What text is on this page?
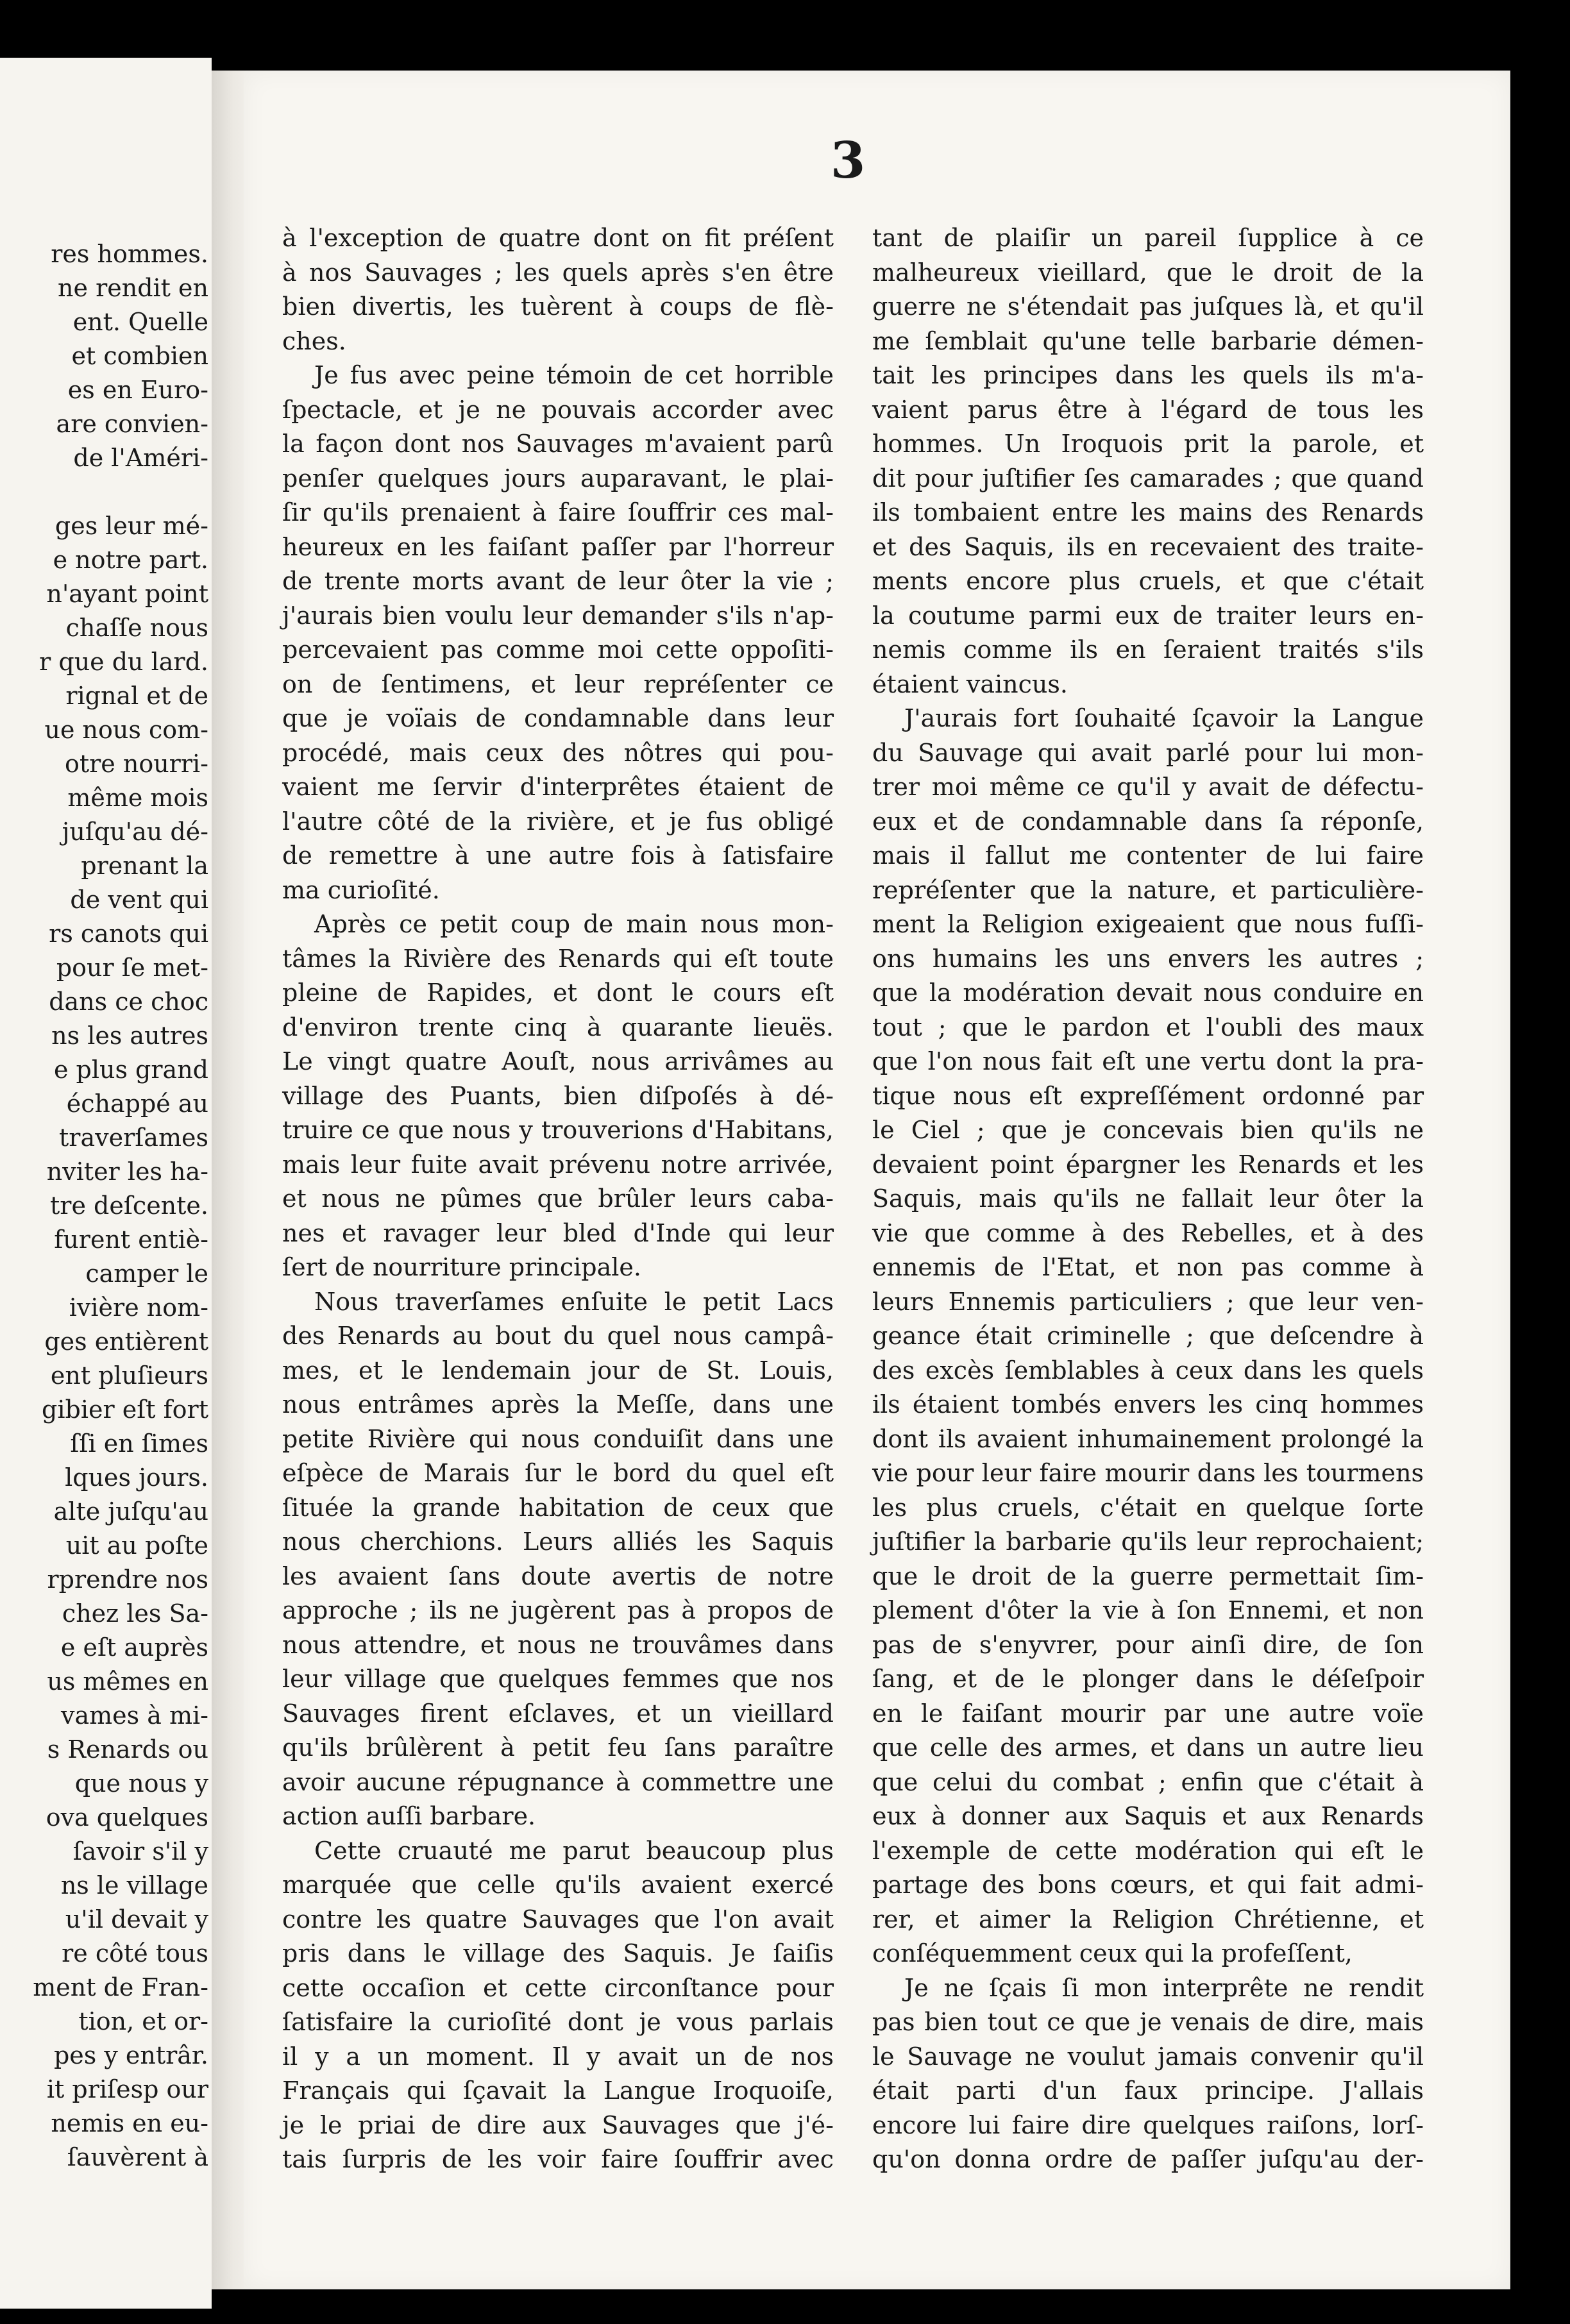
res hommes.
ne rendit en
ent. Quelle
et combien
es en Euro-
are convien-
de l'Améri-
ges leur mé-
e notre part.
n'ayant point
chaſſe nous
r que du lard.
rignal et de
ue nous com-
otre nourri-
même mois
juſqu'au dé-
prenant la
de vent qui
rs canots qui
pour ſe met-
dans ce choc
ns les autres
e plus grand
échappé au
traverſames
nviter les ha-
tre deſcente.
furent entiè-
camper le
ivière nom-
ges entièrent
ent pluſieurs
gibier eſt fort
ſſi en ſimes
lques jours.
alte juſqu'au
uit au poſte
rprendre nos
chez les Sa-
e eſt auprès
us mêmes en
vames à mi-
s Renards ou
que nous y
ova quelques
ſavoir s'il y
ns le village
u'il devait y
re côté tous
ment de Fran-
tion, et or-
pes y entrâr.
it priſesp our
nemis en eu-
ſauvèrent à
3
à l'exception de quatre dont on fit préſent
à nos Sauvages ; les quels après s'en être
bien divertis, les tuèrent à coups de flè-
ches.
Je fus avec peine témoin de cet horrible
ſpectacle, et je ne pouvais accorder avec
la façon dont nos Sauvages m'avaient parû
penſer quelques jours auparavant, le plai-
ſir qu'ils prenaient à faire ſouffrir ces mal-
heureux en les faiſant paſſer par l'horreur
de trente morts avant de leur ôter la vie ;
j'aurais bien voulu leur demander s'ils n'ap-
percevaient pas comme moi cette oppoſiti-
on de ſentimens, et leur repréſenter ce
que je voïais de condamnable dans leur
procédé, mais ceux des nôtres qui pou-
vaient me ſervir d'interprêtes étaient de
l'autre côté de la rivière, et je fus obligé
de remettre à une autre fois à ſatisfaire
ma curioſité.
Après ce petit coup de main nous mon-
tâmes la Rivière des Renards qui eſt toute
pleine de Rapides, et dont le cours eſt
d'environ trente cinq à quarante lieuës.
Le vingt quatre Aouſt, nous arrivâmes au
village des Puants, bien diſpoſés à dé-
truire ce que nous y trouverions d'Habitans,
mais leur fuite avait prévenu notre arrivée,
et nous ne pûmes que brûler leurs caba-
nes et ravager leur bled d'Inde qui leur
ſert de nourriture principale.
Nous traverſames enſuite le petit Lacs
des Renards au bout du quel nous campâ-
mes, et le lendemain jour de St. Louis,
nous entrâmes après la Meſſe, dans une
petite Rivière qui nous conduiſit dans une
eſpèce de Marais ſur le bord du quel eſt
ſituée la grande habitation de ceux que
nous cherchions. Leurs alliés les Saquis
les avaient ſans doute avertis de notre
approche ; ils ne jugèrent pas à propos de
nous attendre, et nous ne trouvâmes dans
leur village que quelques femmes que nos
Sauvages firent eſclaves, et un vieillard
qu'ils brûlèrent à petit feu ſans paraître
avoir aucune répugnance à commettre une
action auſſi barbare.
Cette cruauté me parut beaucoup plus
marquée que celle qu'ils avaient exercé
contre les quatre Sauvages que l'on avait
pris dans le village des Saquis. Je ſaiſis
cette occaſion et cette circonſtance pour
ſatisfaire la curioſité dont je vous parlais
il y a un moment. Il y avait un de nos
Français qui ſçavait la Langue Iroquoiſe,
je le priai de dire aux Sauvages que j'é-
tais ſurpris de les voir faire ſouffrir avec
tant de plaiſir un pareil ſupplice à ce
malheureux vieillard, que le droit de la
guerre ne s'étendait pas juſques là, et qu'il
me ſemblait qu'une telle barbarie démen-
tait les principes dans les quels ils m'a-
vaient parus être à l'égard de tous les
hommes. Un Iroquois prit la parole, et
dit pour juſtifier ſes camarades ; que quand
ils tombaient entre les mains des Renards
et des Saquis, ils en recevaient des traite-
ments encore plus cruels, et que c'était
la coutume parmi eux de traiter leurs en-
nemis comme ils en ſeraient traités s'ils
étaient vaincus.
J'aurais fort ſouhaité ſçavoir la Langue
du Sauvage qui avait parlé pour lui mon-
trer moi même ce qu'il y avait de défectu-
eux et de condamnable dans ſa réponſe,
mais il fallut me contenter de lui faire
repréſenter que la nature, et particulière-
ment la Religion exigeaient que nous fuſſi-
ons humains les uns envers les autres ;
que la modération devait nous conduire en
tout ; que le pardon et l'oubli des maux
que l'on nous fait eſt une vertu dont la pra-
tique nous eſt expreſſément ordonné par
le Ciel ; que je concevais bien qu'ils ne
devaient point épargner les Renards et les
Saquis, mais qu'ils ne fallait leur ôter la
vie que comme à des Rebelles, et à des
ennemis de l'Etat, et non pas comme à
leurs Ennemis particuliers ; que leur ven-
geance était criminelle ; que deſcendre à
des excès ſemblables à ceux dans les quels
ils étaient tombés envers les cinq hommes
dont ils avaient inhumainement prolongé la
vie pour leur faire mourir dans les tourmens
les plus cruels, c'était en quelque ſorte
juſtifier la barbarie qu'ils leur reprochaient;
que le droit de la guerre permettait ſim-
plement d'ôter la vie à ſon Ennemi, et non
pas de s'enyvrer, pour ainſi dire, de ſon
ſang, et de le plonger dans le déſeſpoir
en le faiſant mourir par une autre voïe
que celle des armes, et dans un autre lieu
que celui du combat ; enfin que c'était à
eux à donner aux Saquis et aux Renards
l'exemple de cette modération qui eſt le
partage des bons cœurs, et qui fait admi-
rer, et aimer la Religion Chrétienne, et
conſéquemment ceux qui la profeſſent,
Je ne ſçais ſi mon interprête ne rendit
pas bien tout ce que je venais de dire, mais
le Sauvage ne voulut jamais convenir qu'il
était parti d'un faux principe. J'allais
encore lui faire dire quelques raiſons, lorſ-
qu'on donna ordre de paſſer juſqu'au der-
